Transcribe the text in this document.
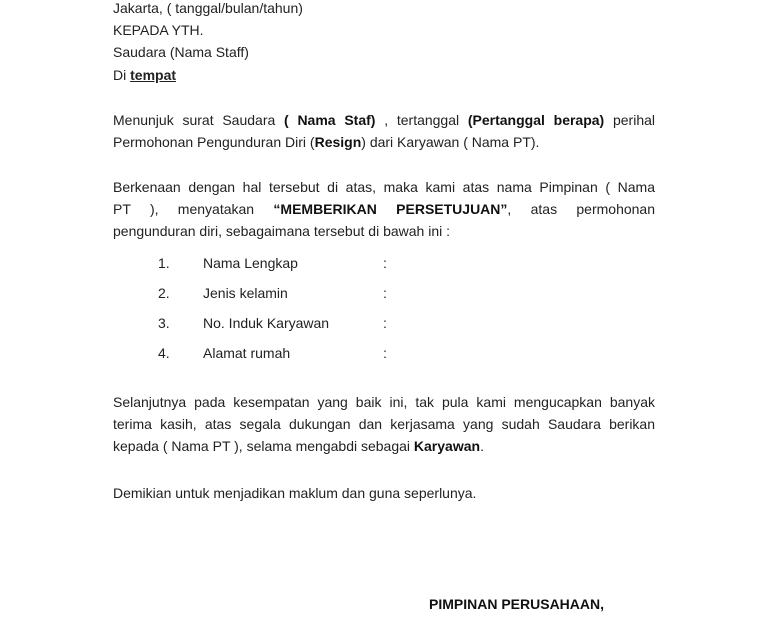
Jakarta, ( tanggal/bulan/tahun)
KEPADA YTH.
Saudara (Nama Staff)
Di tempat
Menunjuk surat Saudara ( Nama Staf) , tertanggal (Pertanggal berapa) perihal
Permohonan Pengunduran Diri (Resign) dari Karyawan ( Nama PT).
Berkenaan dengan hal tersebut di atas, maka kami atas nama Pimpinan ( Nama
PT ), menyatakan “MEMBERIKAN PERSETUJUAN”, atas permohonan
pengunduran diri, sebagaimana tersebut di bawah ini :
1. Nama Lengkap	:
2. Jenis kelamin	:
3. No. Induk Karyawan	:
4. Alamat rumah	:
Selanjutnya pada kesempatan yang baik ini, tak pula kami mengucapkan banyak
terima kasih, atas segala dukungan dan kerjasama yang sudah Saudara berikan
kepada ( Nama PT ), selama mengabdi sebagai Karyawan.
Demikian untuk menjadikan maklum dan guna seperlunya.
PIMPINAN PERUSAHAAN,
